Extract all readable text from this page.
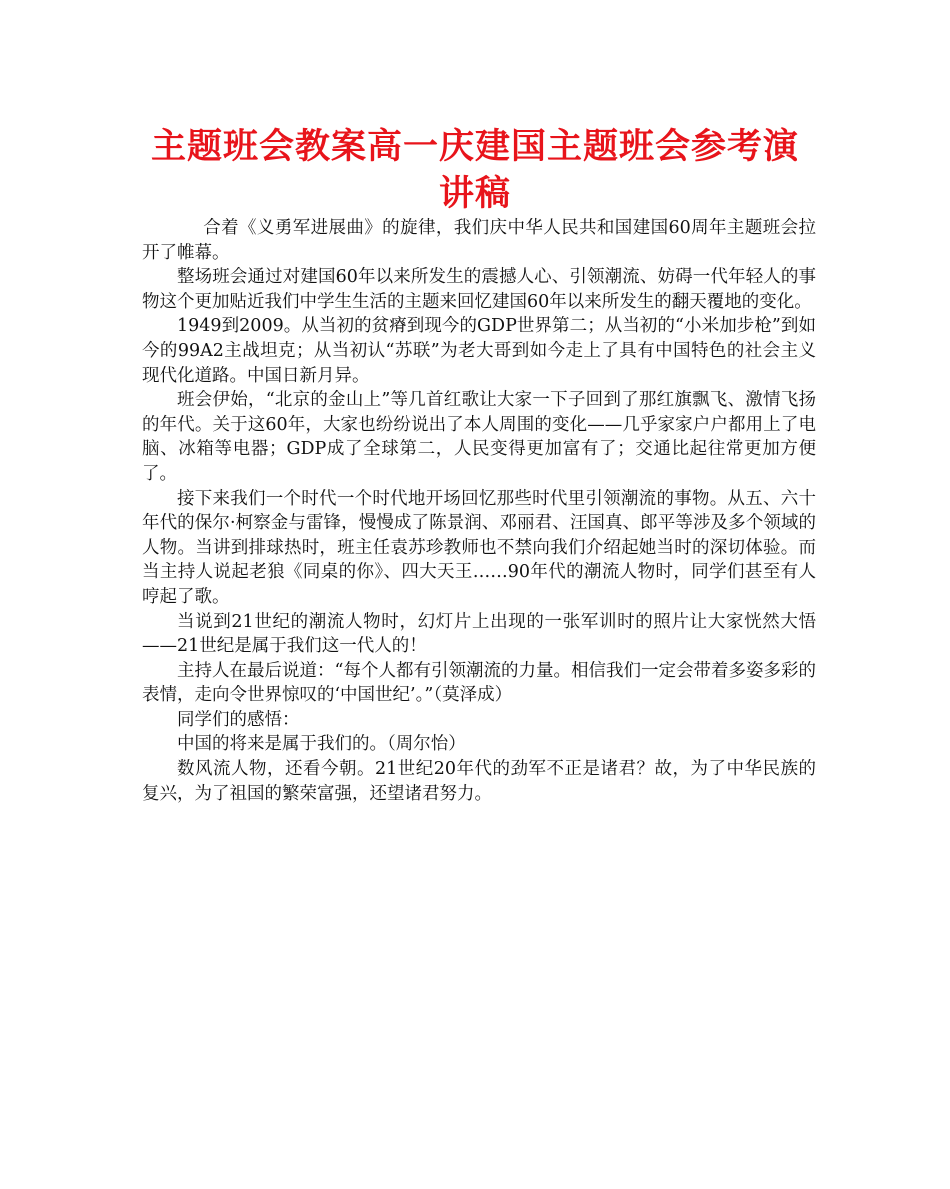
主题班会教案高一庆建国主题班会参考演讲稿

合着《义勇军进展曲》的旋律，我们庆中华人民共和国建国60周年主题班会拉开了帷幕。

整场班会通过对建国60年以来所发生的震撼人心、引领潮流、妨碍一代年轻人的事物这个更加贴近我们中学生生活的主题来回忆建国60年以来所发生的翻天覆地的变化。

1949到2009。从当初的贫瘠到现今的GDP世界第二；从当初的“小米加步枪”到如今的99A2主战坦克；从当初认“苏联”为老大哥到如今走上了具有中国特色的社会主义现代化道路。中国日新月异。

班会伊始，“北京的金山上”等几首红歌让大家一下子回到了那红旗飘飞、激情飞扬的年代。关于这60年，大家也纷纷说出了本人周围的变化——几乎家家户户都用上了电脑、冰箱等电器；GDP成了全球第二，人民变得更加富有了；交通比起往常更加方便了。

接下来我们一个时代一个时代地开场回忆那些时代里引领潮流的事物。从五、六十年代的保尔·柯察金与雷锋，慢慢成了陈景润、邓丽君、汪国真、郎平等涉及多个领域的人物。当讲到排球热时，班主任袁苏珍教师也不禁向我们介绍起她当时的深切体验。而当主持人说起老狼《同桌的你》、四大天王……90年代的潮流人物时，同学们甚至有人哼起了歌。

当说到21世纪的潮流人物时，幻灯片上出现的一张军训时的照片让大家恍然大悟——21世纪是属于我们这一代人的！

主持人在最后说道：“每个人都有引领潮流的力量。相信我们一定会带着多姿多彩的表情，走向令世界惊叹的‘中国世纪’。”（莫泽成）

同学们的感悟：

中国的将来是属于我们的。（周尔怡）

数风流人物，还看今朝。21世纪20年代的劲军不正是诸君？故，为了中华民族的复兴，为了祖国的繁荣富强，还望诸君努力。
